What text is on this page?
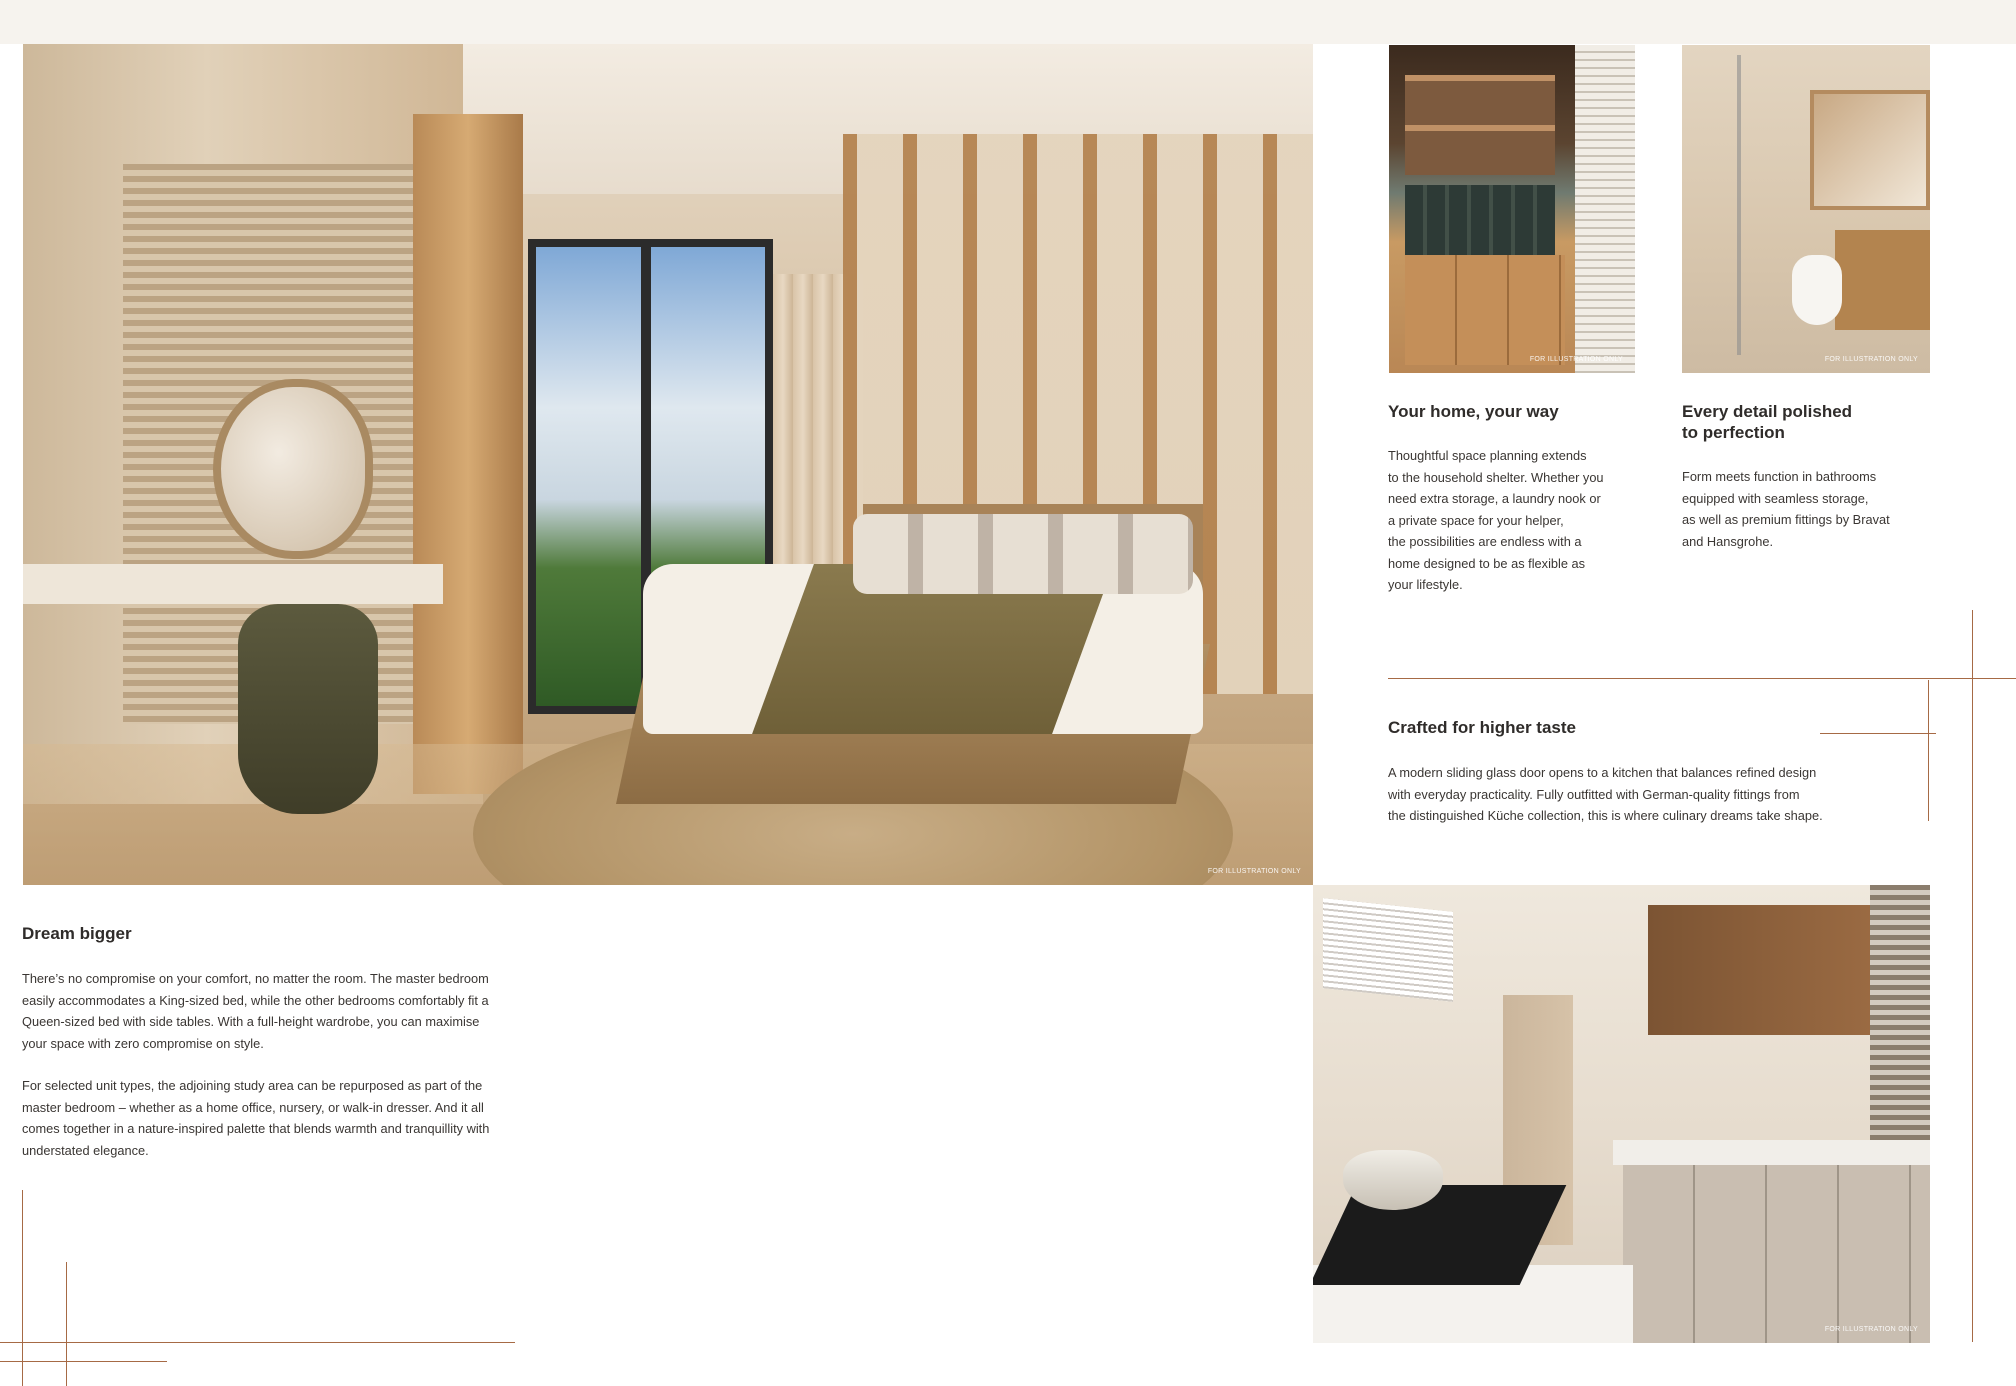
FOR ILLUSTRATION ONLY
FOR ILLUSTRATION ONLY	FOR ILLUSTRATION ONLY
FOR ILLUSTRATION ONLY
Your home, your way
Thoughtful space planning extends
to the household shelter. Whether you
need extra storage, a laundry nook or
a private space for your helper,
the possibilities are endless with a
home designed to be as flexible as
your lifestyle.
Every detail polished
to perfection
Form meets function in bathrooms
equipped with seamless storage,
as well as premium fittings by Bravat
and Hansgrohe.
Crafted for higher taste
A modern sliding glass door opens to a kitchen that balances refined design
with everyday practicality. Fully outfitted with German-quality fittings from
the distinguished Küche collection, this is where culinary dreams take shape.
Dream bigger
There’s no compromise on your comfort, no matter the room. The master bedroom
easily accommodates a King-sized bed, while the other bedrooms comfortably fit a
Queen-sized bed with side tables. With a full-height wardrobe, you can maximise
your space with zero compromise on style.
For selected unit types, the adjoining study area can be repurposed as part of the
master bedroom – whether as a home office, nursery, or walk-in dresser. And it all
comes together in a nature-inspired palette that blends warmth and tranquillity with
understated elegance.
